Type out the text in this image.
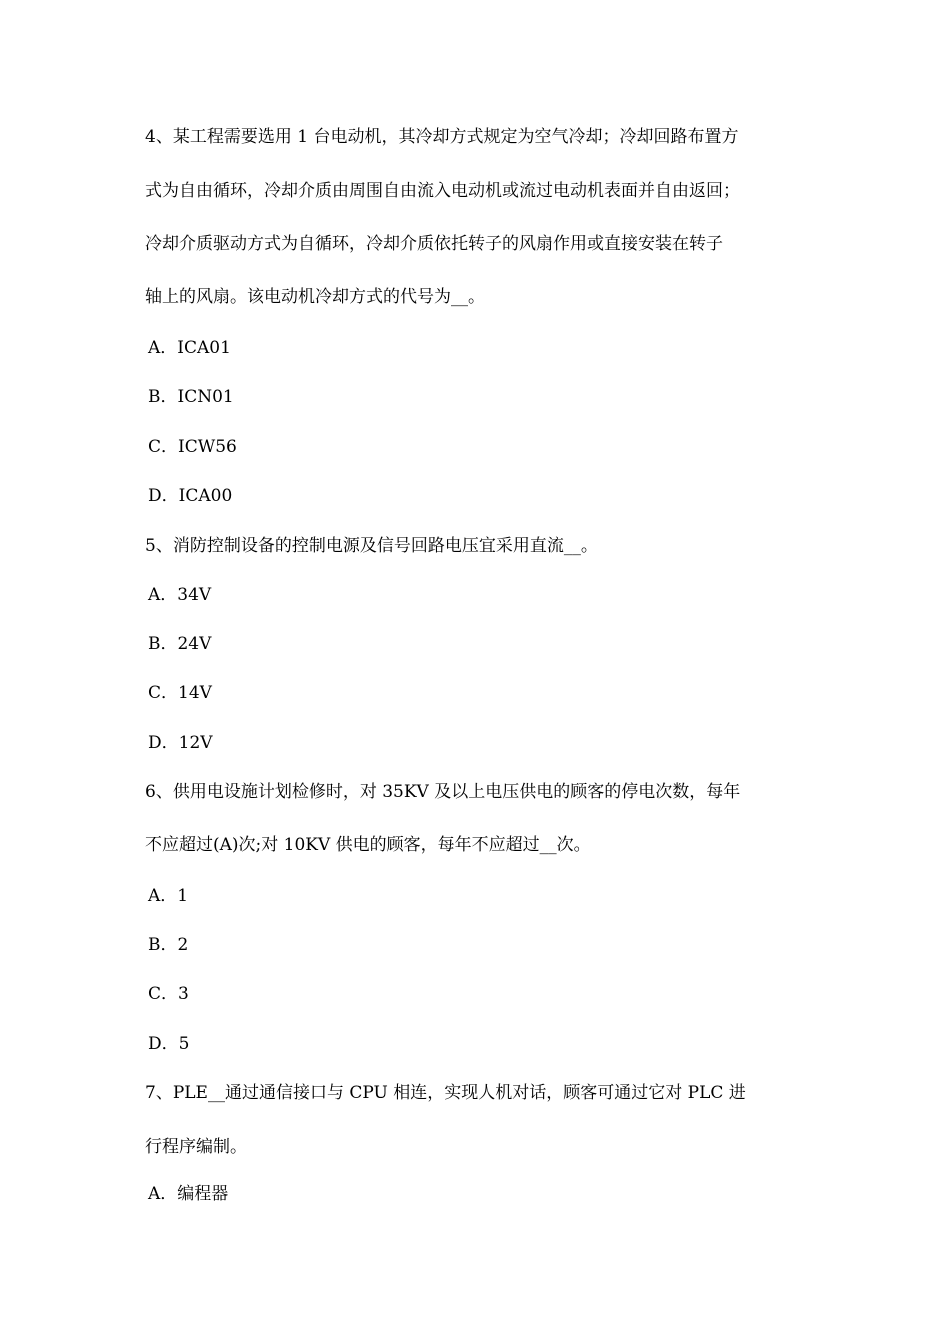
4、某工程需要选用 1 台电动机，其冷却方式规定为空气冷却；冷却回路布置方
式为自由循环，冷却介质由周围自由流入电动机或流过电动机表面并自由返回；
冷却介质驱动方式为自循环，冷却介质依托转子的风扇作用或直接安装在转子
轴上的风扇。该电动机冷却方式的代号为__。
A．ICA01
B．ICN01
C．ICW56
D．ICA00
5、消防控制设备的控制电源及信号回路电压宜采用直流__。
A．34V
B．24V
C．14V
D．12V
6、供用电设施计划检修时，对 35KV 及以上电压供电的顾客的停电次数，每年
不应超过(A)次;对 10KV 供电的顾客，每年不应超过__次。
A．1
B．2
C．3
D．5
7、PLE__通过通信接口与 CPU 相连，实现人机对话，顾客可通过它对 PLC 进
行程序编制。
A．编程器
